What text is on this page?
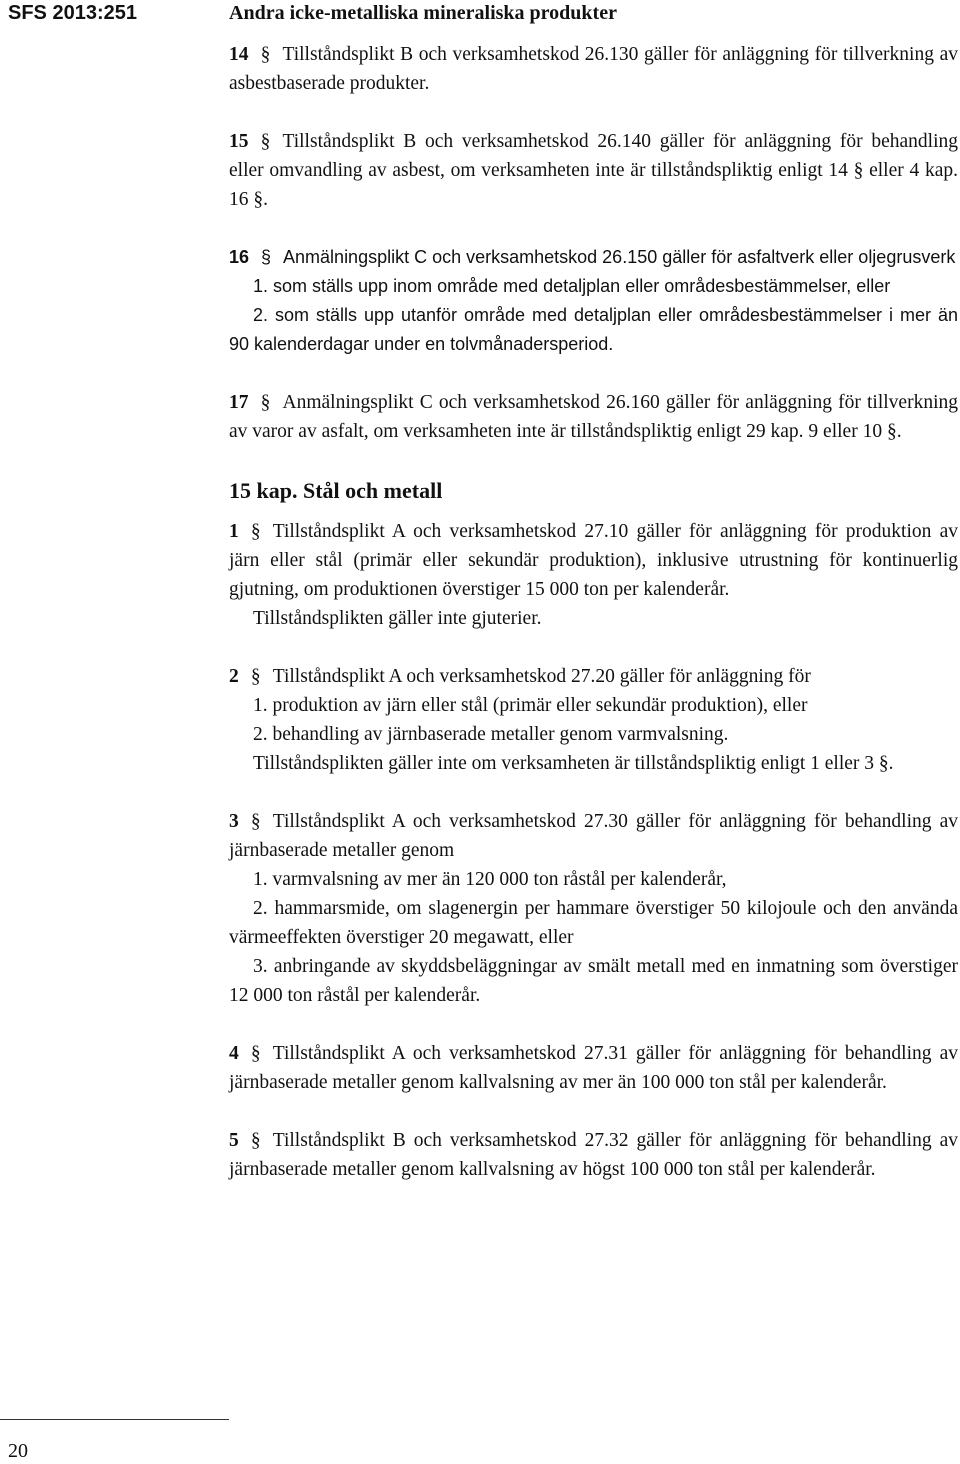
SFS 2013:251	Andra icke-metalliska mineraliska produkter

14 § Tillståndsplikt B och verksamhetskod 26.130 gäller för anläggning för tillverkning av asbestbaserade produkter.

15 § Tillståndsplikt B och verksamhetskod 26.140 gäller för anläggning för behandling eller omvandling av asbest, om verksamheten inte är tillståndspliktig enligt 14 § eller 4 kap. 16 §.

16 § Anmälningsplikt C och verksamhetskod 26.150 gäller för asfaltverk eller oljegrusverk

1. som ställs upp inom område med detaljplan eller områdesbestämmelser, eller

2. som ställs upp utanför område med detaljplan eller områdesbestämmelser i mer än 90 kalenderdagar under en tolvmånadersperiod.

17 § Anmälningsplikt C och verksamhetskod 26.160 gäller för anläggning för tillverkning av varor av asfalt, om verksamheten inte är tillståndspliktig enligt 29 kap. 9 eller 10 §.

15 kap. Stål och metall

1 § Tillståndsplikt A och verksamhetskod 27.10 gäller för anläggning för produktion av järn eller stål (primär eller sekundär produktion), inklusive utrustning för kontinuerlig gjutning, om produktionen överstiger 15 000 ton per kalenderår.

Tillståndsplikten gäller inte gjuterier.

2 § Tillståndsplikt A och verksamhetskod 27.20 gäller för anläggning för

1. produktion av järn eller stål (primär eller sekundär produktion), eller

2. behandling av järnbaserade metaller genom varmvalsning.

Tillståndsplikten gäller inte om verksamheten är tillståndspliktig enligt 1 eller 3 §.

3 § Tillståndsplikt A och verksamhetskod 27.30 gäller för anläggning för behandling av järnbaserade metaller genom

1. varmvalsning av mer än 120 000 ton råstål per kalenderår,

2. hammarsmide, om slagenergin per hammare överstiger 50 kilojoule och den använda värmeeffekten överstiger 20 megawatt, eller

3. anbringande av skyddsbeläggningar av smält metall med en inmatning som överstiger 12 000 ton råstål per kalenderår.

4 § Tillståndsplikt A och verksamhetskod 27.31 gäller för anläggning för behandling av järnbaserade metaller genom kallvalsning av mer än 100 000 ton stål per kalenderår.

5 § Tillståndsplikt B och verksamhetskod 27.32 gäller för anläggning för behandling av järnbaserade metaller genom kallvalsning av högst 100 000 ton stål per kalenderår.

20
